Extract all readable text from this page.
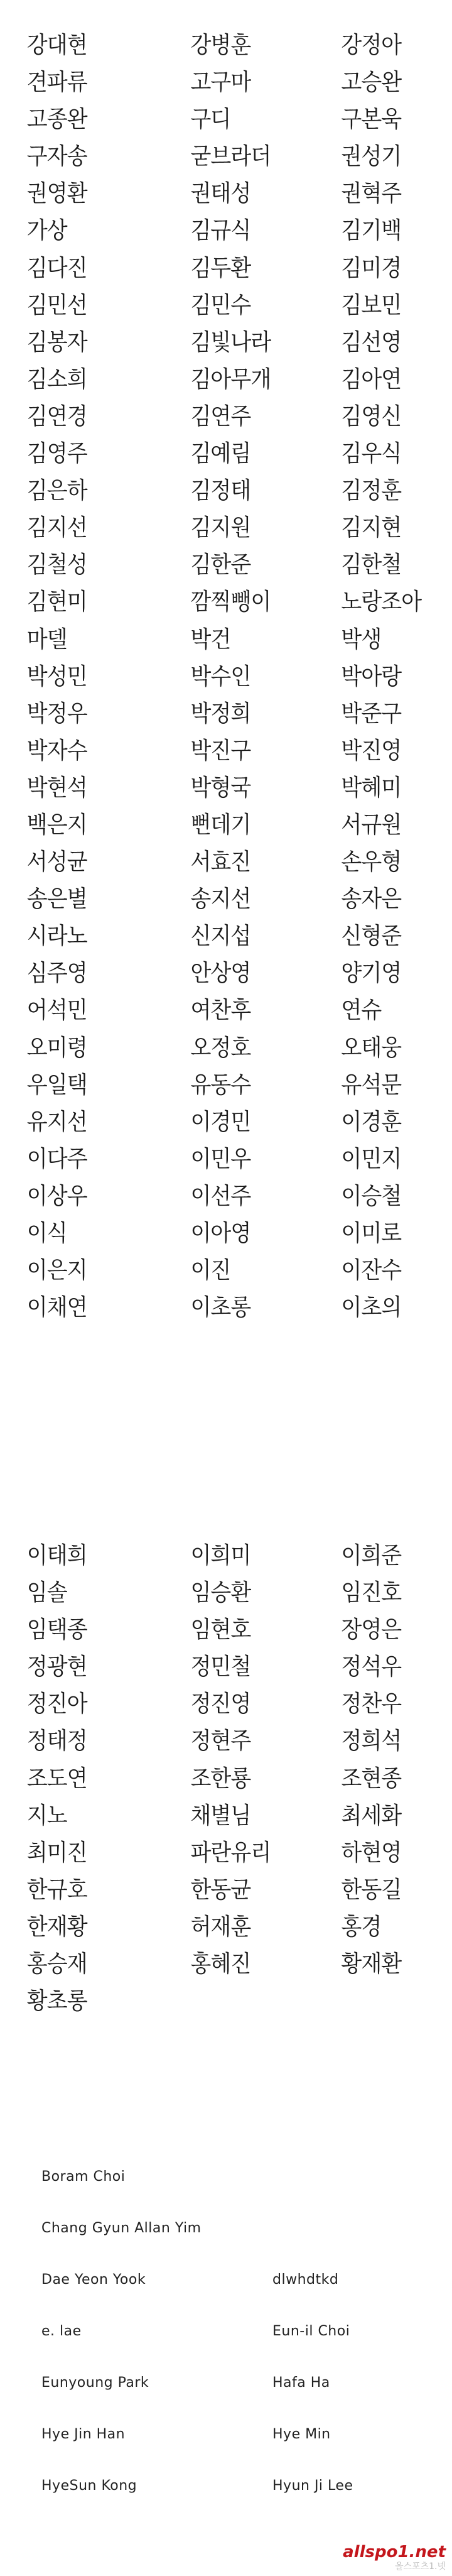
강대현	강병훈	강정아
견파류	고구마	고승완
고종완	구디	구본욱
구자송	굳브라더	권성기
권영환	권태성	권혁주
가상	김규식	김기백
김다진	김두환	김미경
김민선	김민수	김보민
김봉자	김빛나라	김선영
김소희	김아무개	김아연
김연경	김연주	김영신
김영주	김예림	김우식
김은하	김정태	김정훈
김지선	김지원	김지현
김철성	김한준	김한철
김현미	깜찍뺑이	노랑조아
마델	박건	박생
박성민	박수인	박아랑
박정우	박정희	박준구
박자수	박진구	박진영
박현석	박형국	박혜미
백은지	뻔데기	서규원
서성균	서효진	손우형
송은별	송지선	송자은
시라노	신지섭	신형준
심주영	안상영	양기영
어석민	여찬후	연슈
오미령	오정호	오태웅
우일택	유동수	유석문
유지선	이경민	이경훈
이다주	이민우	이민지
이상우	이선주	이승철
이식	이아영	이미로
이은지	이진	이잔수
이채연	이초롱	이초의
이태희	이희미	이희준
임솔	임승환	임진호
임택종	임현호	장영은
정광현	정민철	정석우
정진아	정진영	정찬우
정태정	정현주	정희석
조도연	조한룡	조현종
지노	채별님	최세화
최미진	파란유리	하현영
한규호	한동균	한동길
한재황	허재훈	홍경
홍승재	홍혜진	황재환
황초롱
Boram Choi
Chang Gyun Allan Yim
Dae Yeon Yook	dlwhdtkd
e. lae	Eun-il Choi
Eunyoung Park	Hafa Ha
Hye Jin Han	Hye Min
HyeSun Kong	Hyun Ji Lee
allspo1.net
올스포츠1.넷
